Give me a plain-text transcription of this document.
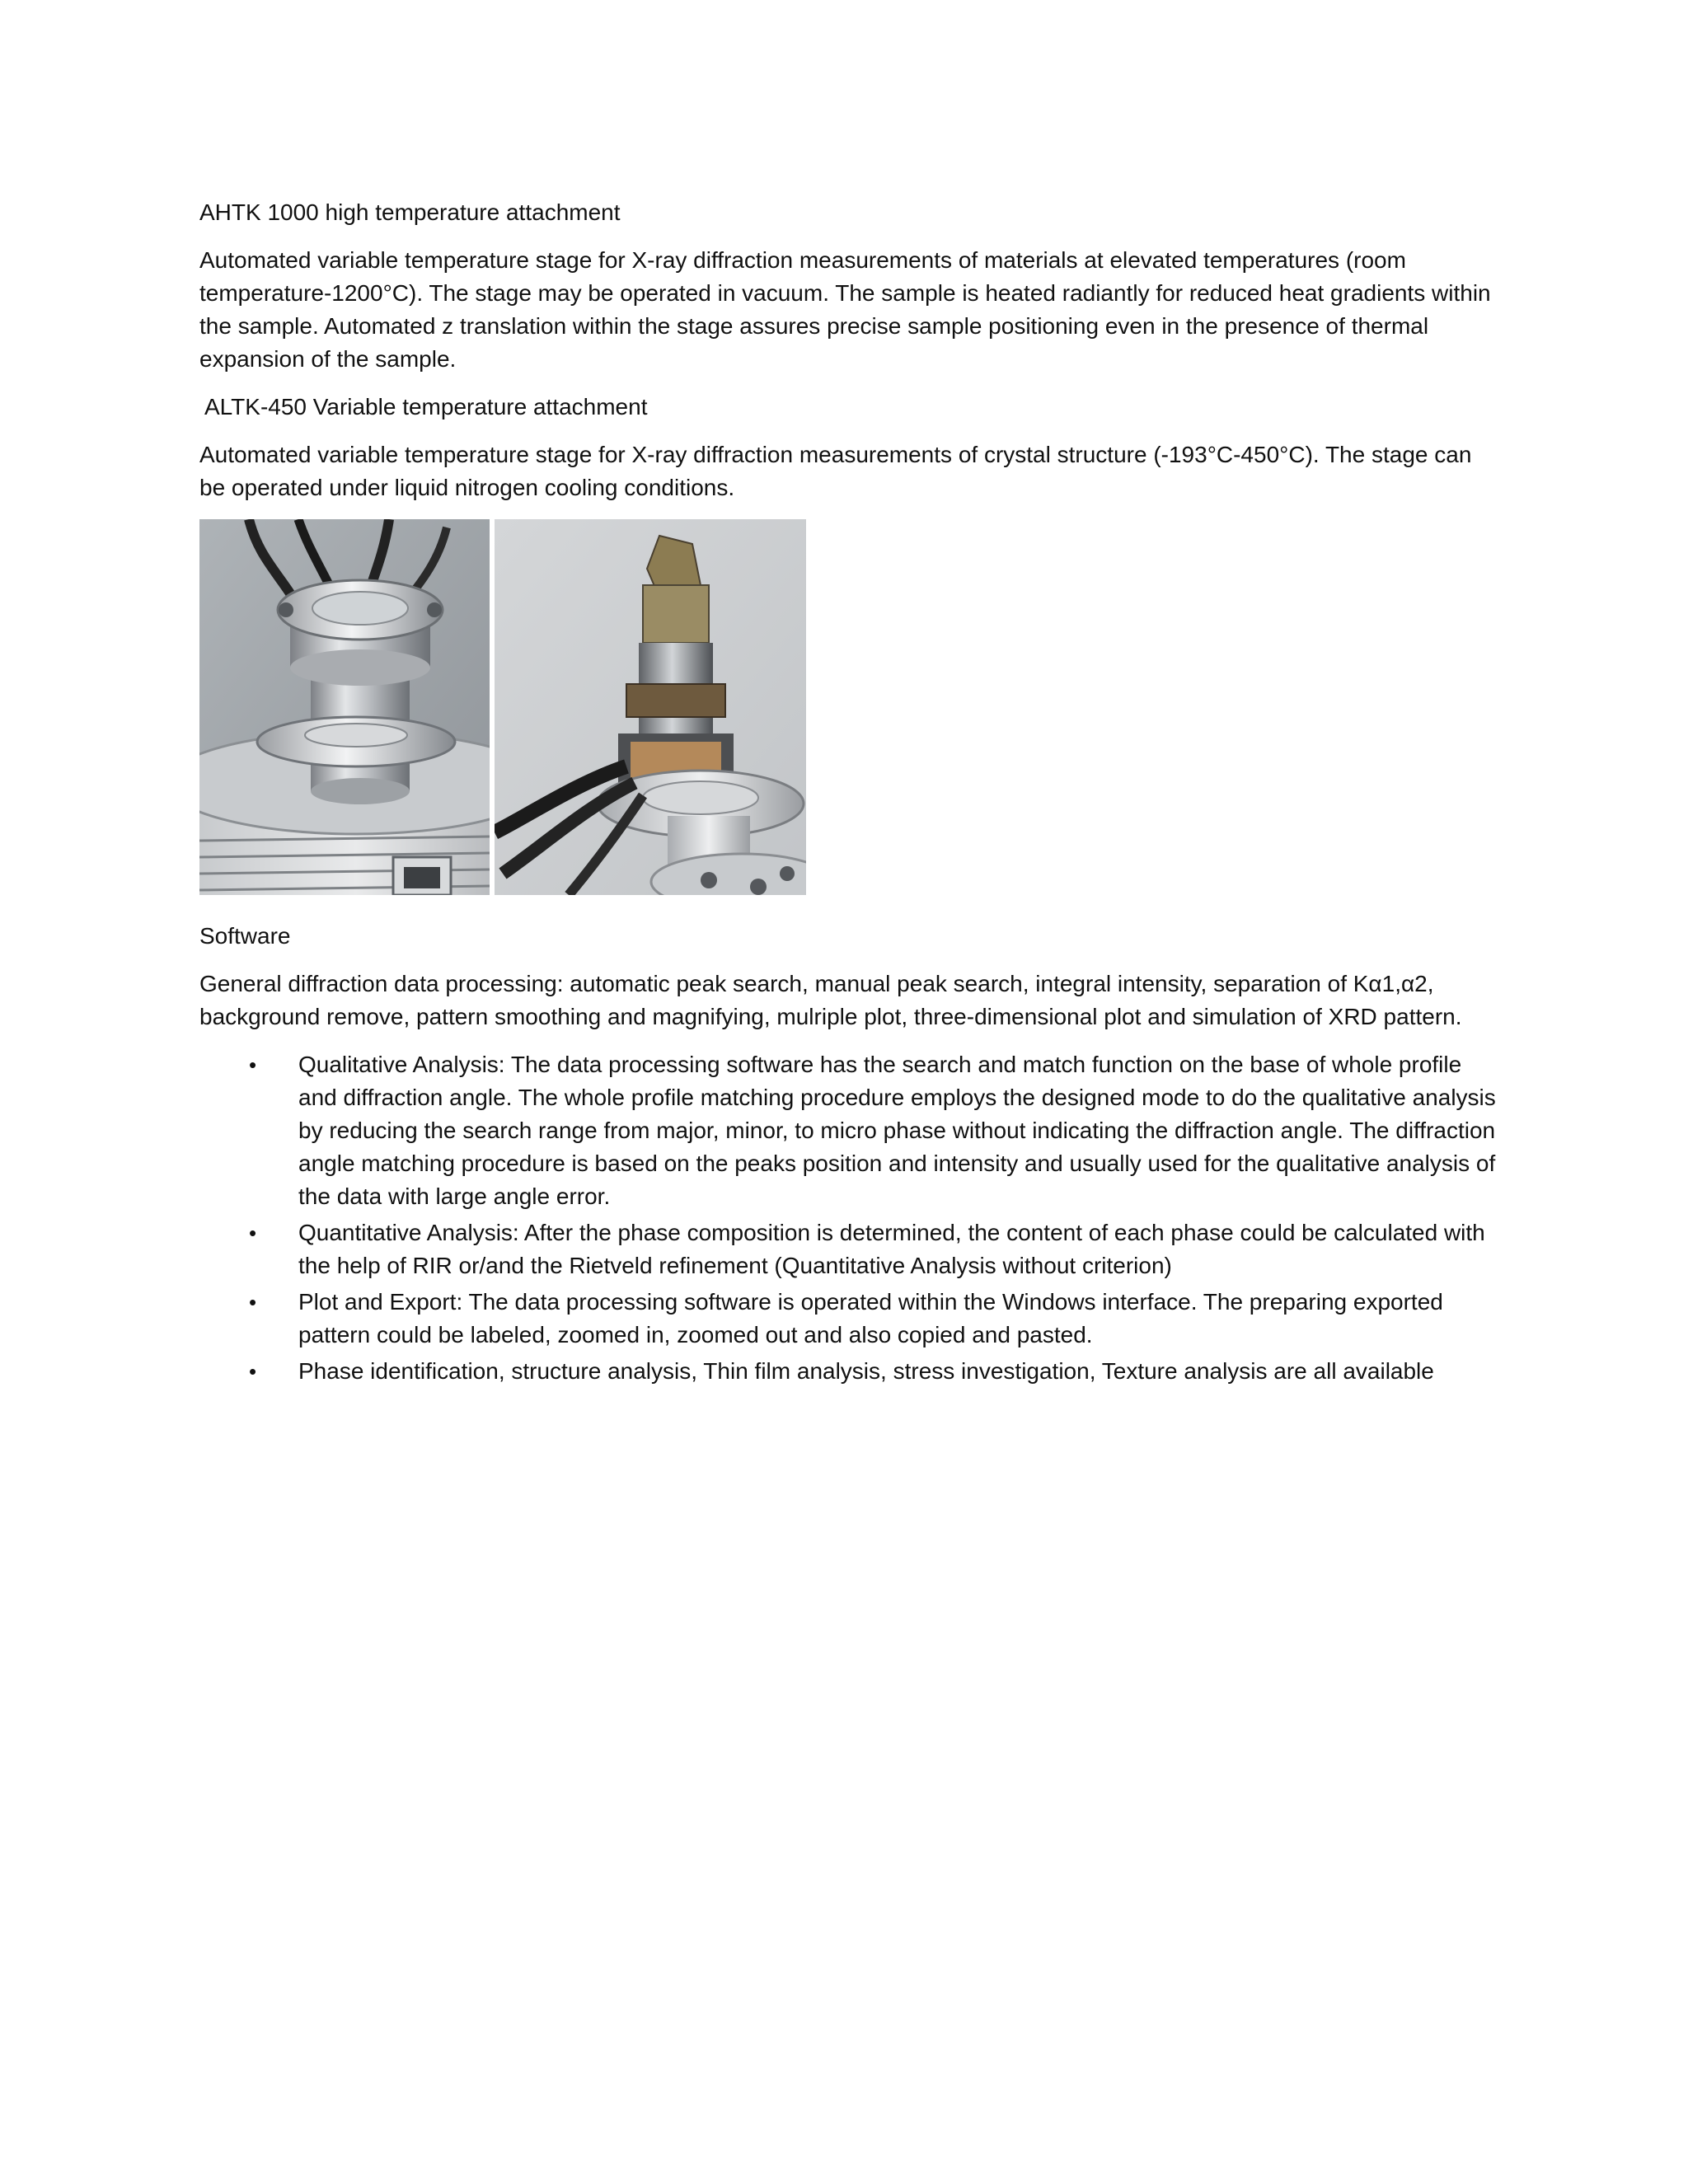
AHTK 1000 high temperature attachment

Automated variable temperature stage for X-ray diffraction measurements of materials at elevated temperatures (room temperature-1200°C). The stage may be operated in vacuum. The sample is heated radiantly for reduced heat gradients within the sample. Automated z translation within the stage assures precise sample positioning even in the presence of thermal expansion of the sample.

ALTK-450 Variable temperature attachment

Automated variable temperature stage for X-ray diffraction measurements of crystal structure (-193°C-450°C). The stage can be operated under liquid nitrogen cooling conditions.

Software

General diffraction data processing: automatic peak search, manual peak search, integral intensity, separation of Kα1,α2, background remove, pattern smoothing and magnifying, mulriple plot, three-dimensional plot and simulation of XRD pattern.

• Qualitative Analysis: The data processing software has the search and match function on the base of whole profile and diffraction angle. The whole profile matching procedure employs the designed mode to do the qualitative analysis by reducing the search range from major, minor, to micro phase without indicating the diffraction angle. The diffraction angle matching procedure is based on the peaks position and intensity and usually used for the qualitative analysis of the data with large angle error.
• Quantitative Analysis: After the phase composition is determined, the content of each phase could be calculated with the help of RIR or/and the Rietveld refinement (Quantitative Analysis without criterion)
• Plot and Export: The data processing software is operated within the Windows interface. The preparing exported pattern could be labeled, zoomed in, zoomed out and also copied and pasted.
• Phase identification, structure analysis, Thin film analysis, stress investigation, Texture analysis are all available
